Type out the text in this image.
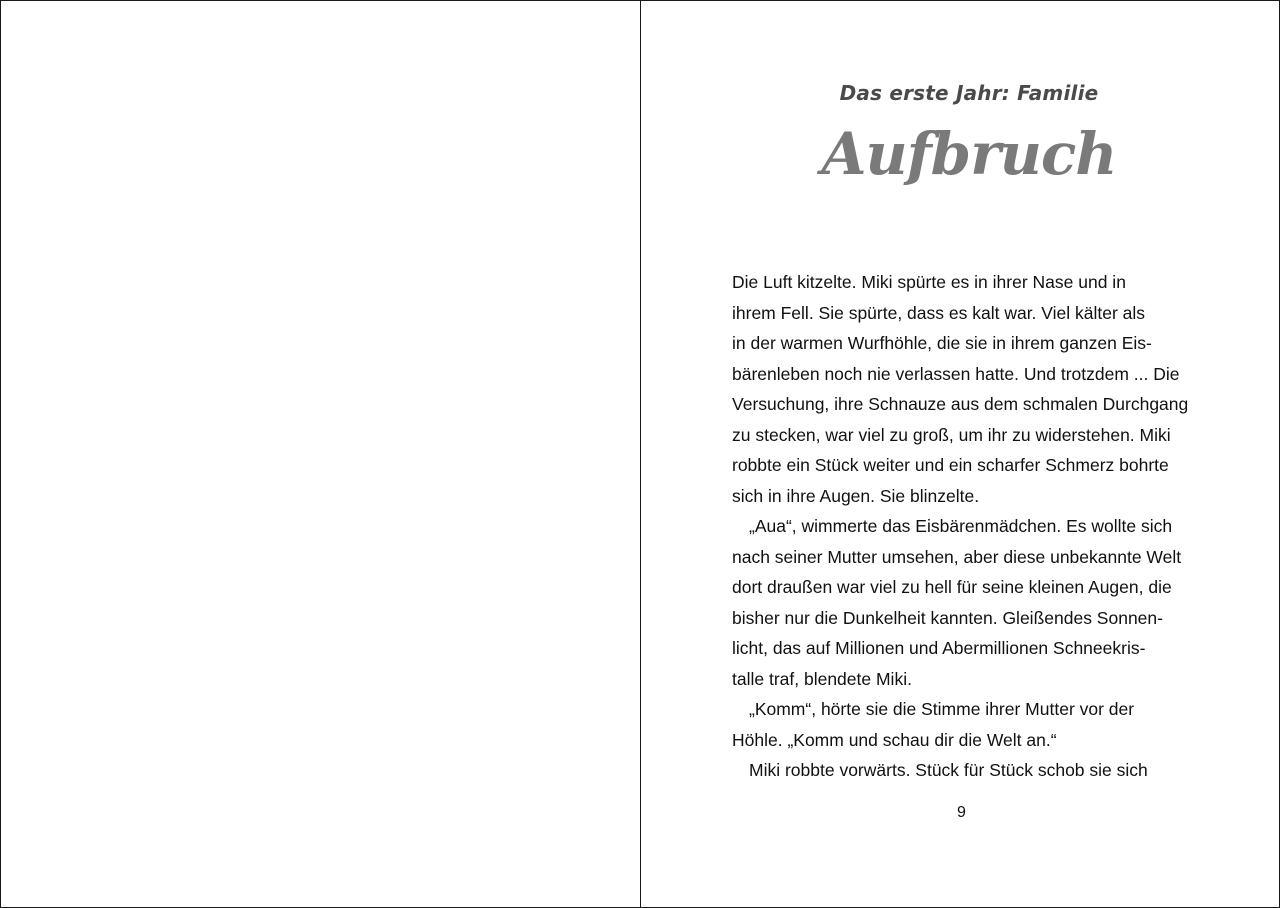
Das erste Jahr: Familie
Aufbruch
Die Luft kitzelte. Miki spürte es in ihrer Nase und in
ihrem Fell. Sie spürte, dass es kalt war. Viel kälter als
in der warmen Wurfhöhle, die sie in ihrem ganzen Eis-
bärenleben noch nie verlassen hatte. Und trotzdem ... Die
Versuchung, ihre Schnauze aus dem schmalen Durchgang
zu stecken, war viel zu groß, um ihr zu widerstehen. Miki
robbte ein Stück weiter und ein scharfer Schmerz bohrte
sich in ihre Augen. Sie blinzelte.
„Aua“, wimmerte das Eisbärenmädchen. Es wollte sich
nach seiner Mutter umsehen, aber diese unbekannte Welt
dort draußen war viel zu hell für seine kleinen Augen, die
bisher nur die Dunkelheit kannten. Gleißendes Sonnen-
licht, das auf Millionen und Abermillionen Schneekris-
talle traf, blendete Miki.
„Komm“, hörte sie die Stimme ihrer Mutter vor der
Höhle. „Komm und schau dir die Welt an.“
Miki robbte vorwärts. Stück für Stück schob sie sich
9
